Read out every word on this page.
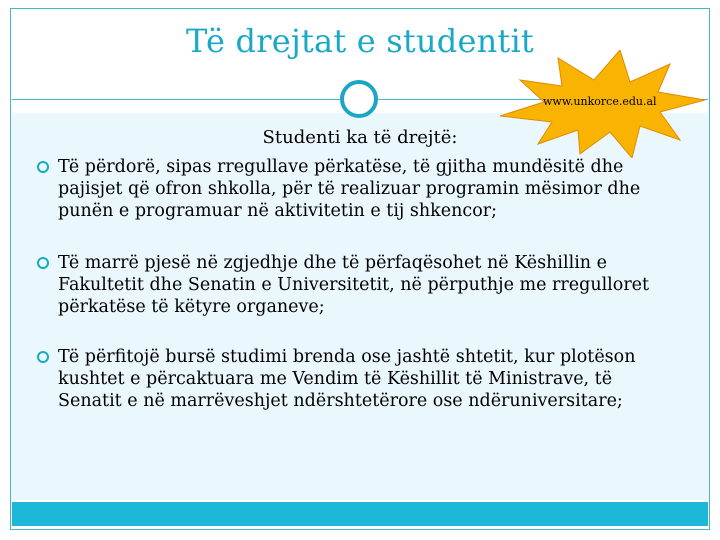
Të drejtat e studentit
www.unkorce.edu.al
Studenti ka të drejtë:
Të përdorë, sipas rregullave përkatëse, të gjitha mundësitë dhe pajisjet që ofron shkolla, për të realizuar programin mësimor dhe punën e programuar në aktivitetin e tij shkencor;
Të marrë pjesë në zgjedhje dhe të përfaqësohet në Këshillin e Fakultetit dhe Senatin e Universitetit, në përputhje me rregulloret përkatëse të këtyre organeve;
Të përfitojë bursë studimi brenda ose jashtë shtetit, kur plotëson kushtet e përcaktuara me Vendim të Këshillit të Ministrave, të Senatit e në marrëveshjet ndërshtetërore ose ndëruniversitare;
